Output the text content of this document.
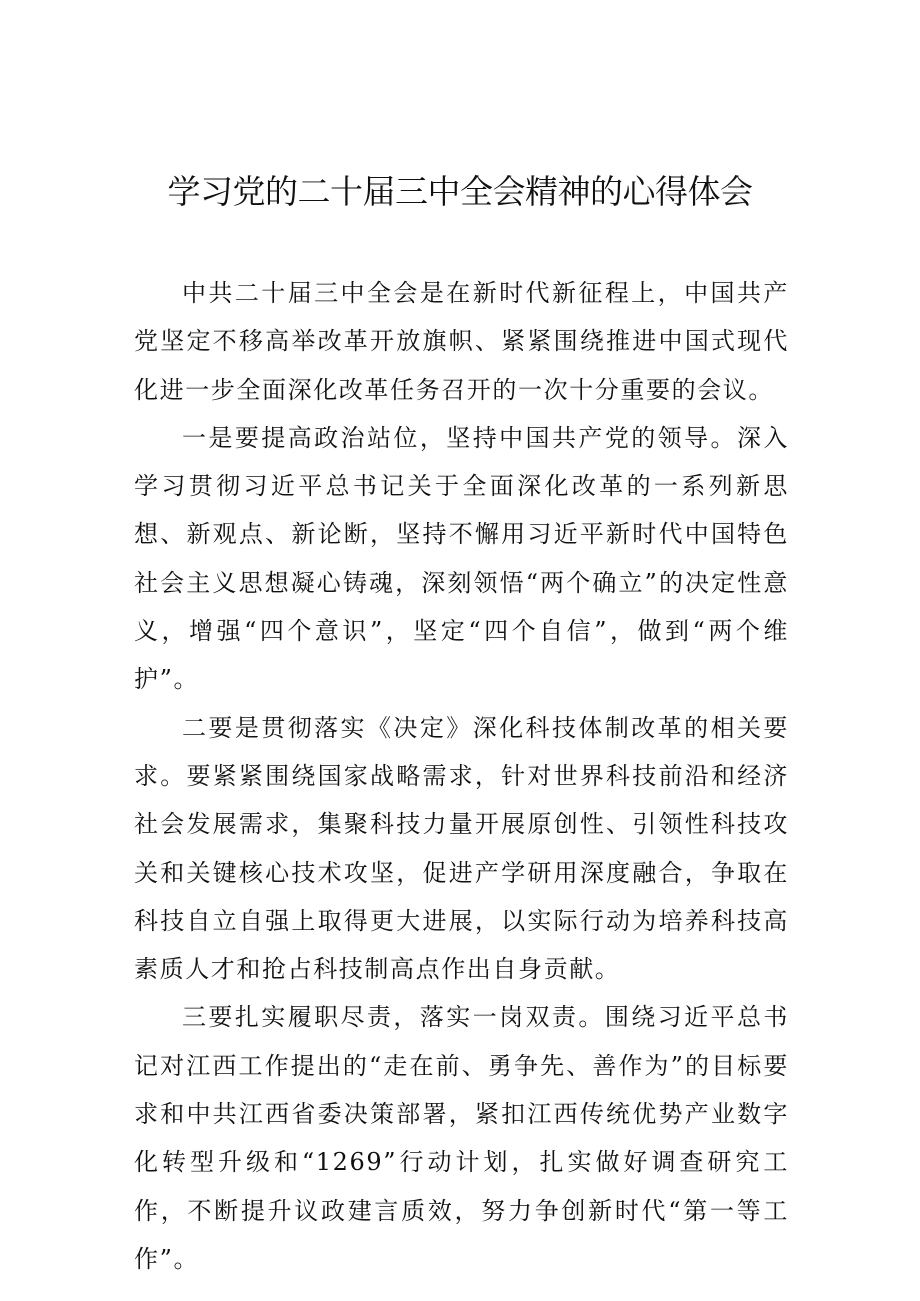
学习党的二十届三中全会精神的心得体会

中共二十届三中全会是在新时代新征程上，中国共产党坚定不移高举改革开放旗帜、紧紧围绕推进中国式现代化进一步全面深化改革任务召开的一次十分重要的会议。

一是要提高政治站位，坚持中国共产党的领导。深入学习贯彻习近平总书记关于全面深化改革的一系列新思想、新观点、新论断，坚持不懈用习近平新时代中国特色社会主义思想凝心铸魂，深刻领悟“两个确立”的决定性意义，增强“四个意识”，坚定“四个自信”，做到“两个维护”。

二要是贯彻落实《决定》深化科技体制改革的相关要求。要紧紧围绕国家战略需求，针对世界科技前沿和经济社会发展需求，集聚科技力量开展原创性、引领性科技攻关和关键核心技术攻坚，促进产学研用深度融合，争取在科技自立自强上取得更大进展，以实际行动为培养科技高素质人才和抢占科技制高点作出自身贡献。

三要扎实履职尽责，落实一岗双责。围绕习近平总书记对江西工作提出的“走在前、勇争先、善作为”的目标要求和中共江西省委决策部署，紧扣江西传统优势产业数字化转型升级和“1269”行动计划，扎实做好调查研究工作，不断提升议政建言质效，努力争创新时代“第一等工作”。
